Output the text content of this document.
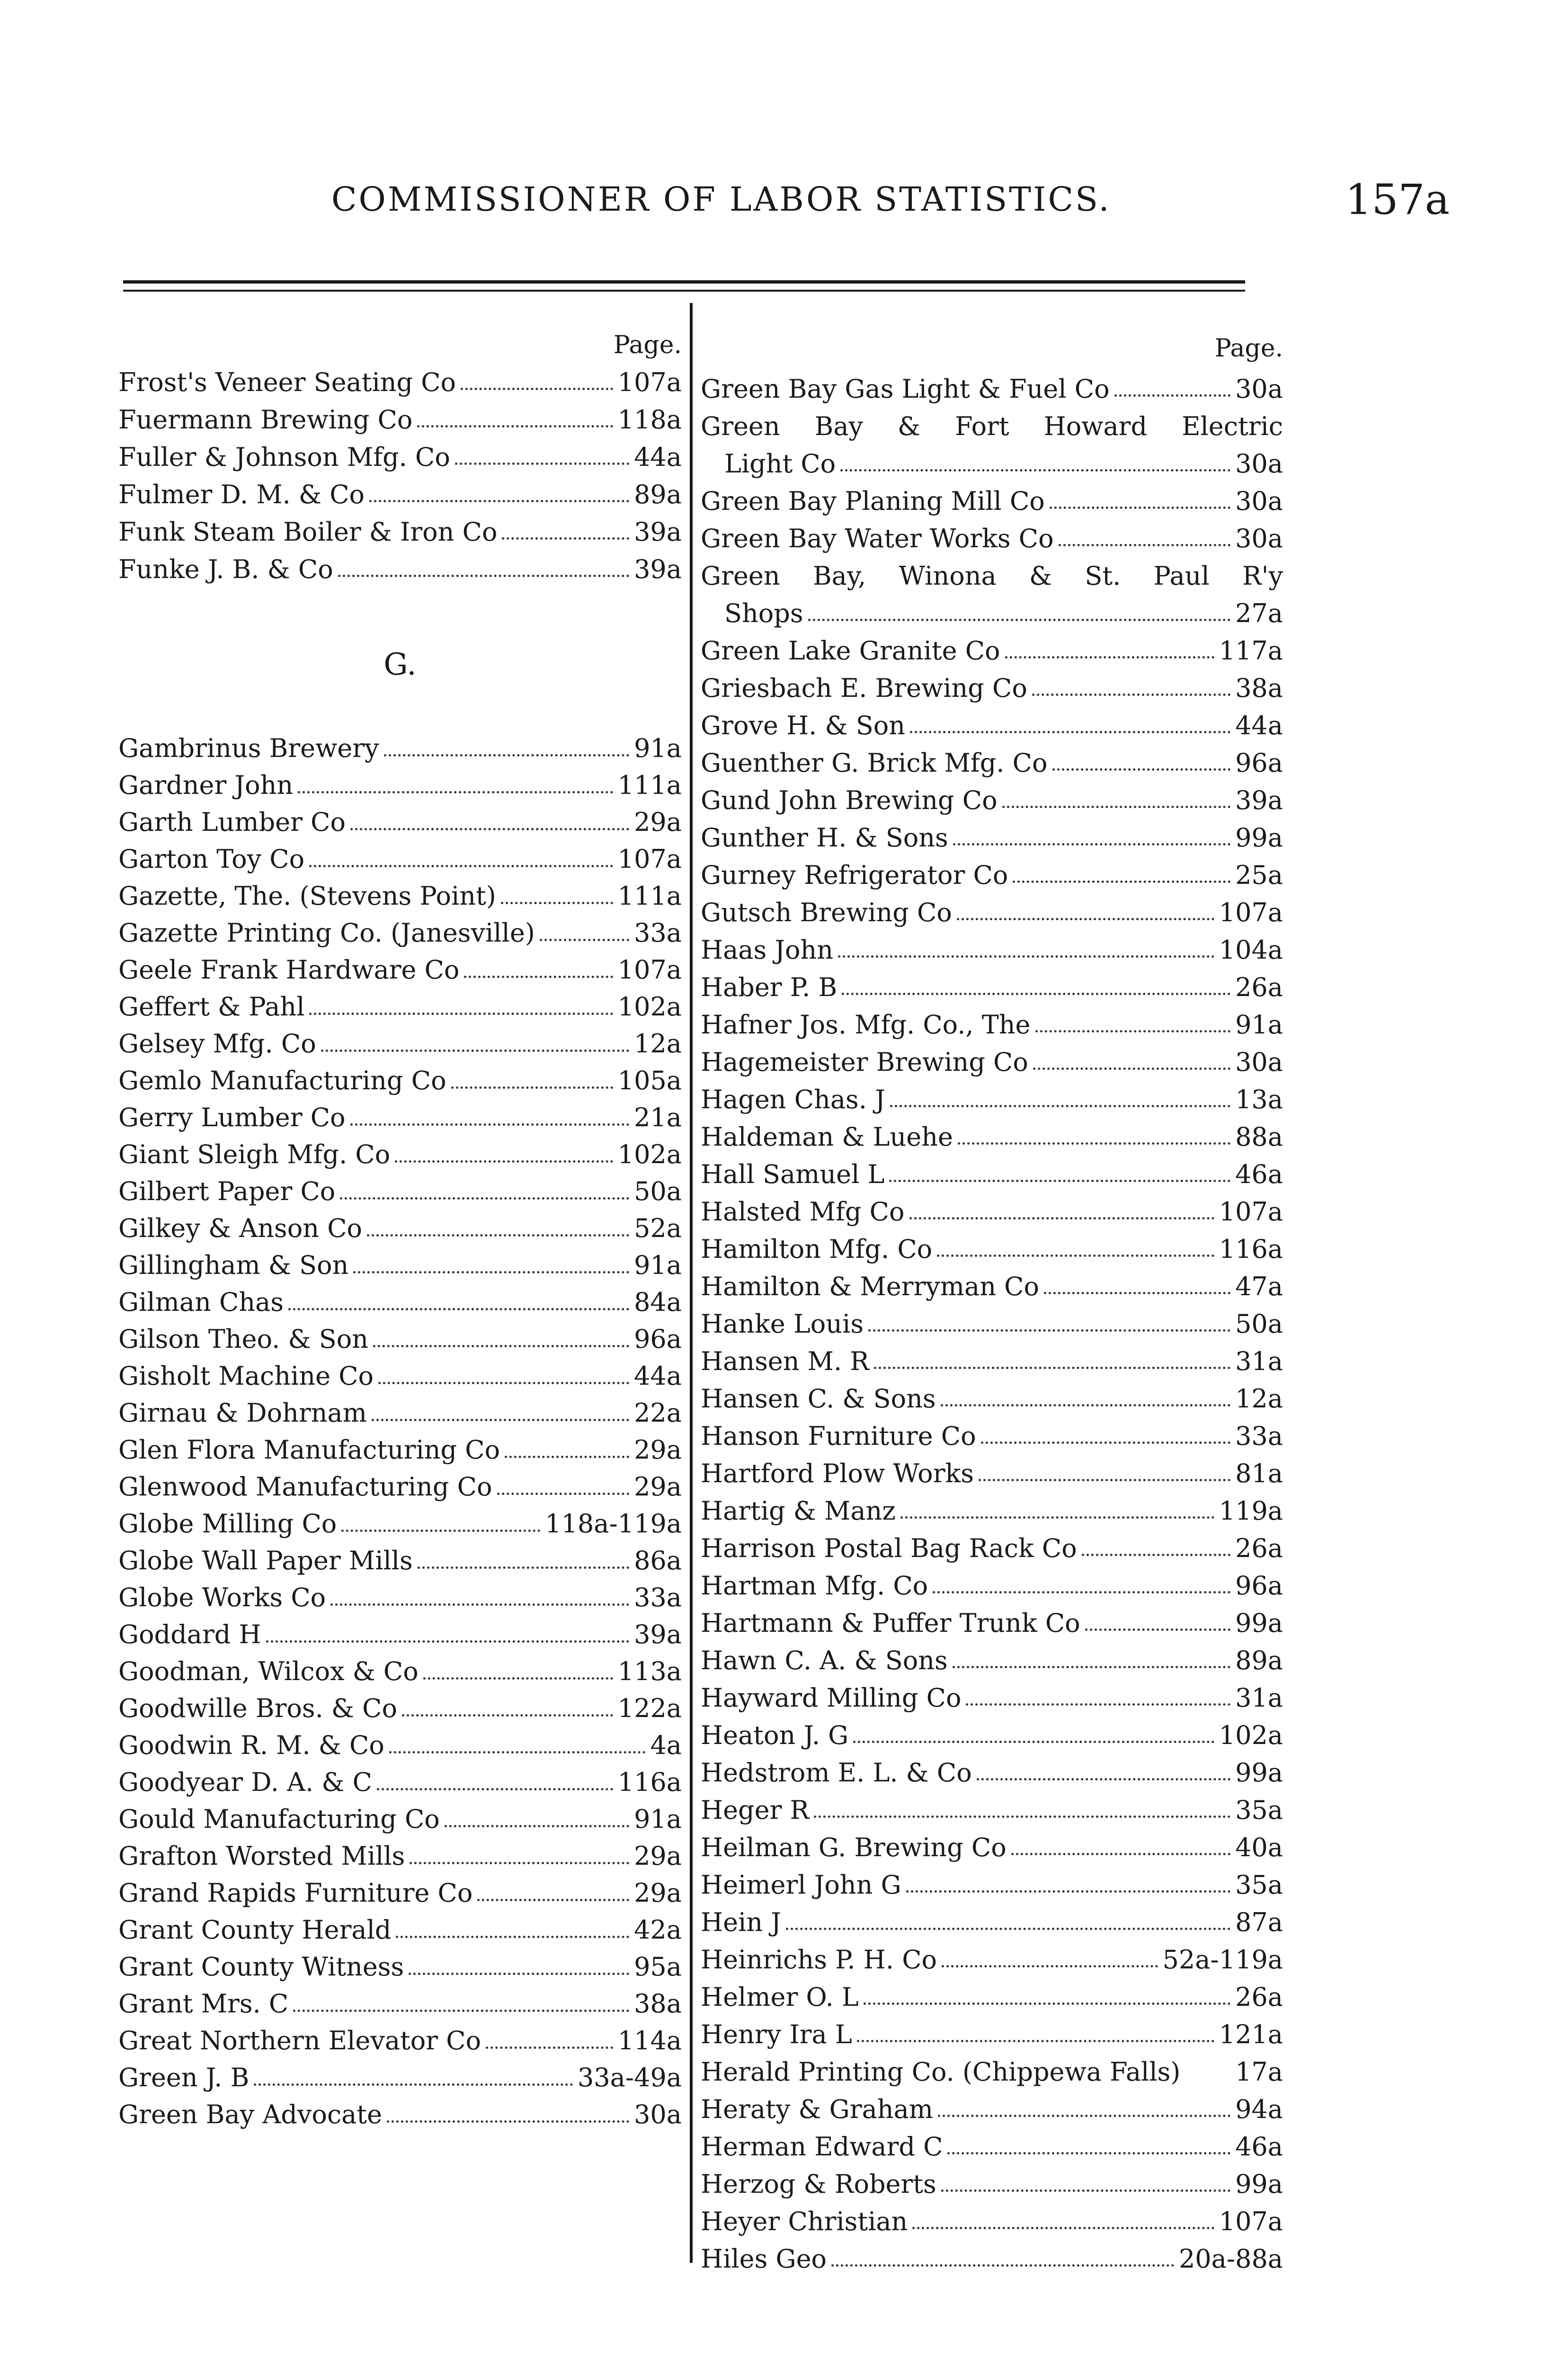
COMMISSIONER OF LABOR STATISTICS.	157a
Page.
Frost's Veneer Seating Co	107a
Fuermann Brewing Co	118a
Fuller & Johnson Mfg. Co	44a
Fulmer D. M. & Co	89a
Funk Steam Boiler & Iron Co	39a
Funke J. B. & Co	39a
G.
Gambrinus Brewery	91a
Gardner John	111a
Garth Lumber Co	29a
Garton Toy Co	107a
Gazette, The. (Stevens Point)	111a
Gazette Printing Co. (Janesville)	33a
Geele Frank Hardware Co	107a
Geffert & Pahl	102a
Gelsey Mfg. Co	12a
Gemlo Manufacturing Co	105a
Gerry Lumber Co	21a
Giant Sleigh Mfg. Co	102a
Gilbert Paper Co	50a
Gilkey & Anson Co	52a
Gillingham & Son	91a
Gilman Chas	84a
Gilson Theo. & Son	96a
Gisholt Machine Co	44a
Girnau & Dohrnam	22a
Glen Flora Manufacturing Co	29a
Glenwood Manufacturing Co	29a
Globe Milling Co	118a-119a
Globe Wall Paper Mills	86a
Globe Works Co	33a
Goddard H	39a
Goodman, Wilcox & Co	113a
Goodwille Bros. & Co	122a
Goodwin R. M. & Co	4a
Goodyear D. A. & C	116a
Gould Manufacturing Co	91a
Grafton Worsted Mills	29a
Grand Rapids Furniture Co	29a
Grant County Herald	42a
Grant County Witness	95a
Grant Mrs. C	38a
Great Northern Elevator Co	114a
Green J. B	33a-49a
Green Bay Advocate	30a
Page.
Green Bay Gas Light & Fuel Co	30a
Green Bay & Fort Howard Electric
Light Co	30a
Green Bay Planing Mill Co	30a
Green Bay Water Works Co	30a
Green Bay, Winona & St. Paul R'y
Shops	27a
Green Lake Granite Co	117a
Griesbach E. Brewing Co	38a
Grove H. & Son	44a
Guenther G. Brick Mfg. Co	96a
Gund John Brewing Co	39a
Gunther H. & Sons	99a
Gurney Refrigerator Co	25a
Gutsch Brewing Co	107a
Haas John	104a
Haber P. B	26a
Hafner Jos. Mfg. Co., The	91a
Hagemeister Brewing Co	30a
Hagen Chas. J	13a
Haldeman & Luehe	88a
Hall Samuel L	46a
Halsted Mfg Co	107a
Hamilton Mfg. Co	116a
Hamilton & Merryman Co	47a
Hanke Louis	50a
Hansen M. R	31a
Hansen C. & Sons	12a
Hanson Furniture Co	33a
Hartford Plow Works	81a
Hartig & Manz	119a
Harrison Postal Bag Rack Co	26a
Hartman Mfg. Co	96a
Hartmann & Puffer Trunk Co	99a
Hawn C. A. & Sons	89a
Hayward Milling Co	31a
Heaton J. G	102a
Hedstrom E. L. & Co	99a
Heger R	35a
Heilman G. Brewing Co	40a
Heimerl John G	35a
Hein J	87a
Heinrichs P. H. Co	52a-119a
Helmer O. L	26a
Henry Ira L	121a
Herald Printing Co. (Chippewa Falls) 17a
Heraty & Graham	94a
Herman Edward C	46a
Herzog & Roberts	99a
Heyer Christian	107a
Hiles Geo	20a-88a
